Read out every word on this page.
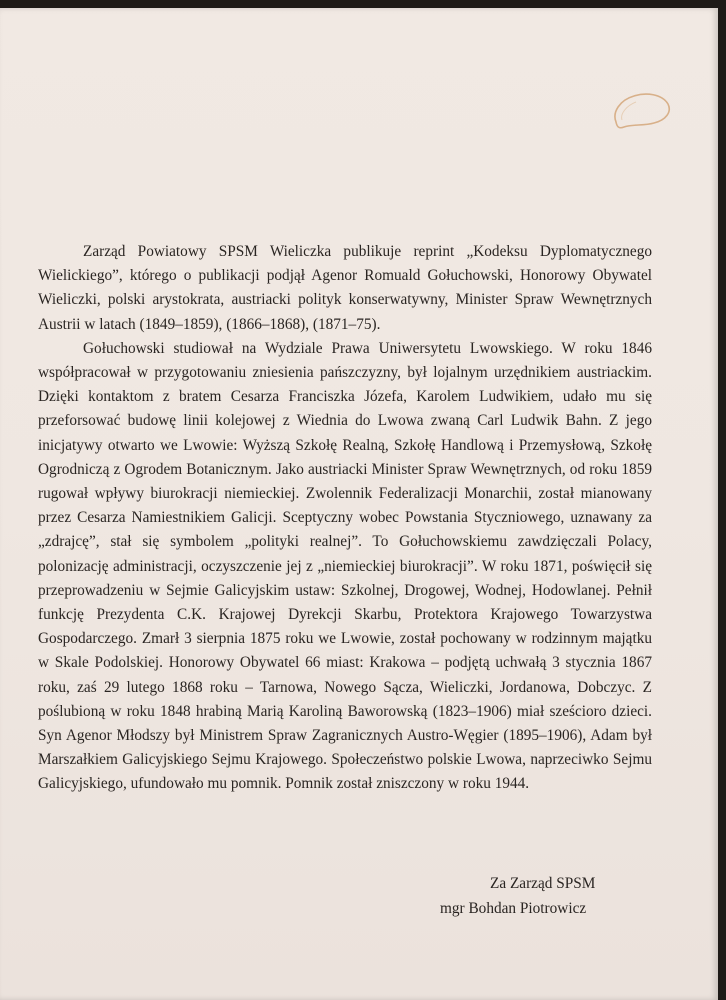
Zarząd Powiatowy SPSM Wieliczka publikuje reprint „Kodeksu Dyplomatycznego Wielickiego”, którego o publikacji podjął Agenor Romuald Gołuchowski, Honorowy Obywatel Wieliczki, polski arystokrata, austriacki polityk konserwatywny, Minister Spraw Wewnętrznych Austrii w latach (1849–1859), (1866–1868), (1871–75).

Gołuchowski studiował na Wydziale Prawa Uniwersytetu Lwowskiego. W roku 1846 współpracował w przygotowaniu zniesienia pańszczyzny, był lojalnym urzędnikiem austriackim. Dzięki kontaktom z bratem Cesarza Franciszka Józefa, Karolem Ludwikiem, udało mu się przeforsować budowę linii kolejowej z Wiednia do Lwowa zwaną Carl Ludwik Bahn. Z jego inicjatywy otwarto we Lwowie: Wyższą Szkołę Realną, Szkołę Handlową i Przemysłową, Szkołę Ogrodniczą z Ogrodem Botanicznym. Jako austriacki Minister Spraw Wewnętrznych, od roku 1859 rugował wpływy biurokracji niemieckiej. Zwolennik Federalizacji Monarchii, został mianowany przez Cesarza Namiestnikiem Galicji. Sceptyczny wobec Powstania Styczniowego, uznawany za „zdrajcę”, stał się symbolem „polityki realnej”. To Gołuchowskiemu zawdzięczali Polacy, polonizację administracji, oczyszczenie jej z „niemieckiej biurokracji”. W roku 1871, poświęcił się przeprowadzeniu w Sejmie Galicyjskim ustaw: Szkolnej, Drogowej, Wodnej, Hodowlanej. Pełnił funkcję Prezydenta C.K. Krajowej Dyrekcji Skarbu, Protektora Krajowego Towarzystwa Gospodarczego. Zmarł 3 sierpnia 1875 roku we Lwowie, został pochowany w rodzinnym majątku w Skale Podolskiej. Honorowy Obywatel 66 miast: Krakowa – podjętą uchwałą 3 stycznia 1867 roku, zaś 29 lutego 1868 roku – Tarnowa, Nowego Sącza, Wieliczki, Jordanowa, Dobczyc. Z poślubioną w roku 1848 hrabiną Marią Karoliną Baworowską (1823–1906) miał sześcioro dzieci. Syn Agenor Młodszy był Ministrem Spraw Zagranicznych Austro-Węgier (1895–1906), Adam był Marszałkiem Galicyjskiego Sejmu Krajowego. Społeczeństwo polskie Lwowa, naprzeciwko Sejmu Galicyjskiego, ufundowało mu pomnik. Pomnik został zniszczony w roku 1944.

Za Zarząd SPSM
mgr Bohdan Piotrowicz
